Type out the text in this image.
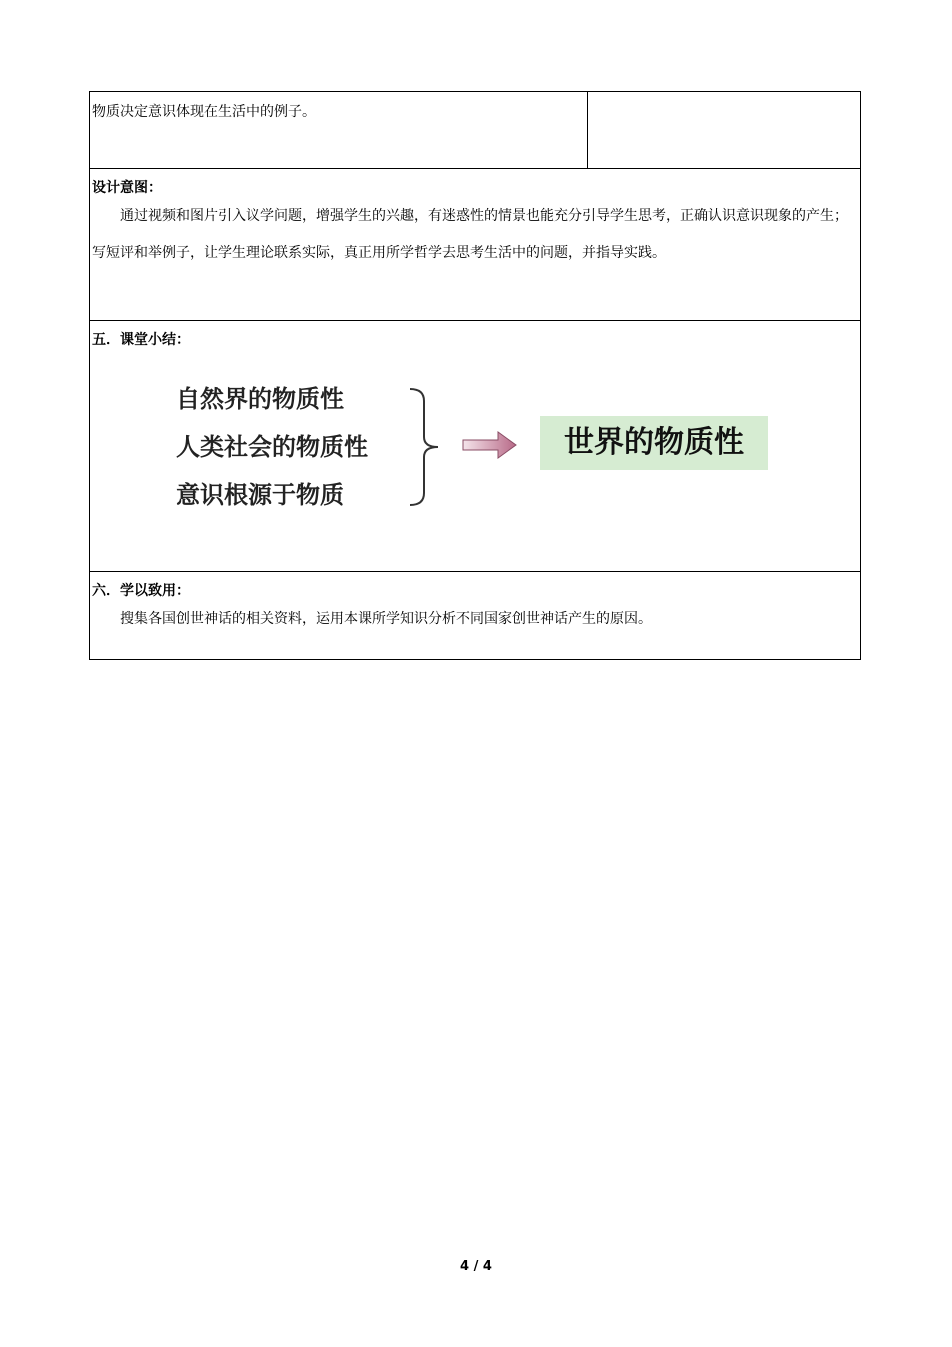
物质决定意识体现在生活中的例子。

设计意图：
通过视频和图片引入议学问题，增强学生的兴趣，有迷惑性的情景也能充分引导学生思考，正确认识意识现象的产生；写短评和举例子，让学生理论联系实际，真正用所学哲学去思考生活中的问题，并指导实践。

五．课堂小结：
自然界的物质性
人类社会的物质性
意识根源于物质
世界的物质性

六．学以致用：
搜集各国创世神话的相关资料，运用本课所学知识分析不同国家创世神话产生的原因。
4 / 4
